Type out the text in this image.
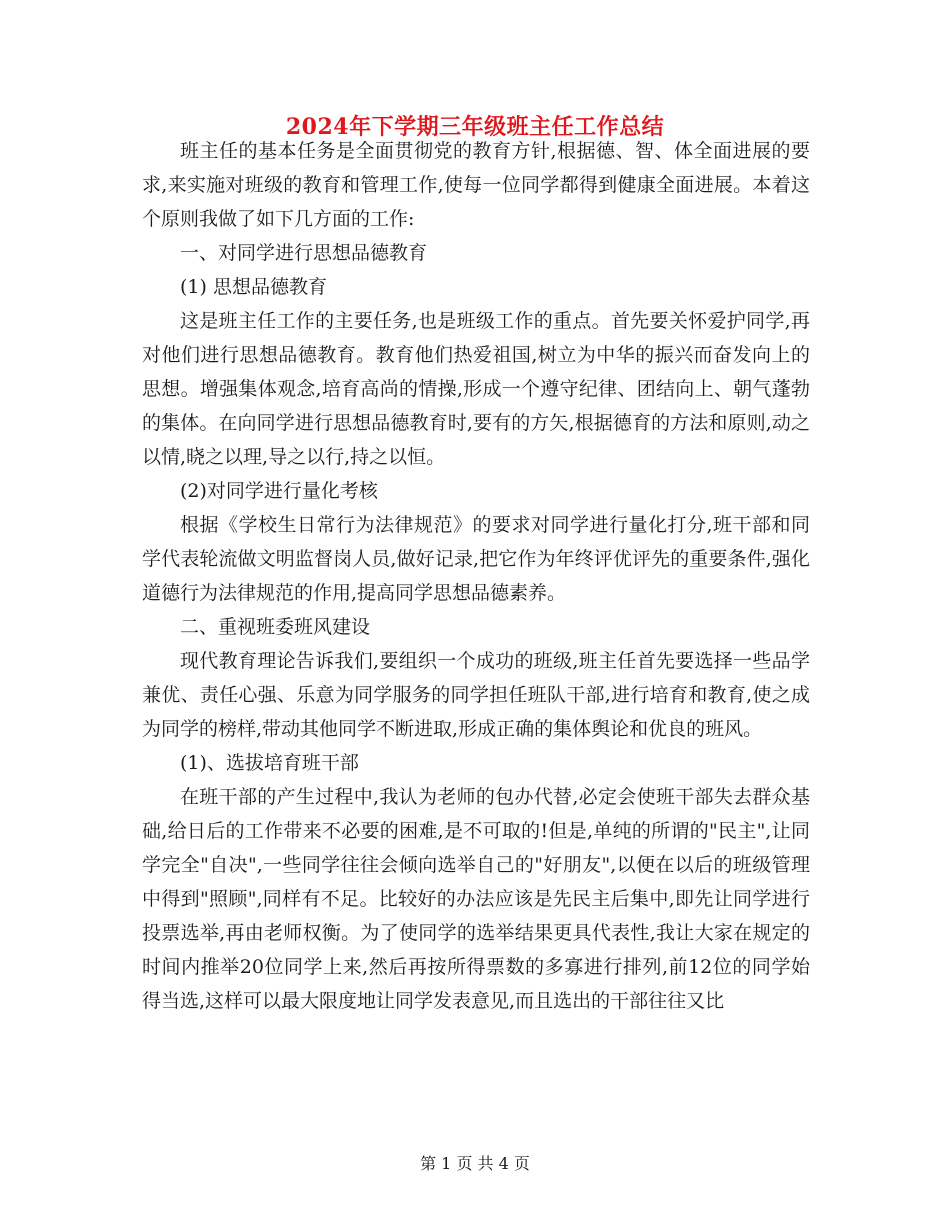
2024年下学期三年级班主任工作总结

班主任的基本任务是全面贯彻党的教育方针,根据德、智、体全面进展的要求,来实施对班级的教育和管理工作,使每一位同学都得到健康全面进展。本着这个原则我做了如下几方面的工作:

一、对同学进行思想品德教育

(1) 思想品德教育

这是班主任工作的主要任务,也是班级工作的重点。首先要关怀爱护同学,再对他们进行思想品德教育。教育他们热爱祖国,树立为中华的振兴而奋发向上的思想。增强集体观念,培育高尚的情操,形成一个遵守纪律、团结向上、朝气蓬勃的集体。在向同学进行思想品德教育时,要有的方矢,根据德育的方法和原则,动之以情,晓之以理,导之以行,持之以恒。

(2)对同学进行量化考核

根据《学校生日常行为法律规范》的要求对同学进行量化打分,班干部和同学代表轮流做文明监督岗人员,做好记录,把它作为年终评优评先的重要条件,强化道德行为法律规范的作用,提高同学思想品德素养。

二、重视班委班风建设

现代教育理论告诉我们,要组织一个成功的班级,班主任首先要选择一些品学兼优、责任心强、乐意为同学服务的同学担任班队干部,进行培育和教育,使之成为同学的榜样,带动其他同学不断进取,形成正确的集体舆论和优良的班风。

(1)、选拔培育班干部

在班干部的产生过程中,我认为老师的包办代替,必定会使班干部失去群众基础,给日后的工作带来不必要的困难,是不可取的!但是,单纯的所谓的"民主",让同学完全"自决",一些同学往往会倾向选举自己的"好朋友",以便在以后的班级管理中得到"照顾",同样有不足。比较好的办法应该是先民主后集中,即先让同学进行投票选举,再由老师权衡。为了使同学的选举结果更具代表性,我让大家在规定的时间内推举20位同学上来,然后再按所得票数的多寡进行排列,前12位的同学始得当选,这样可以最大限度地让同学发表意见,而且选出的干部往往又比

第 1 页 共 4 页
